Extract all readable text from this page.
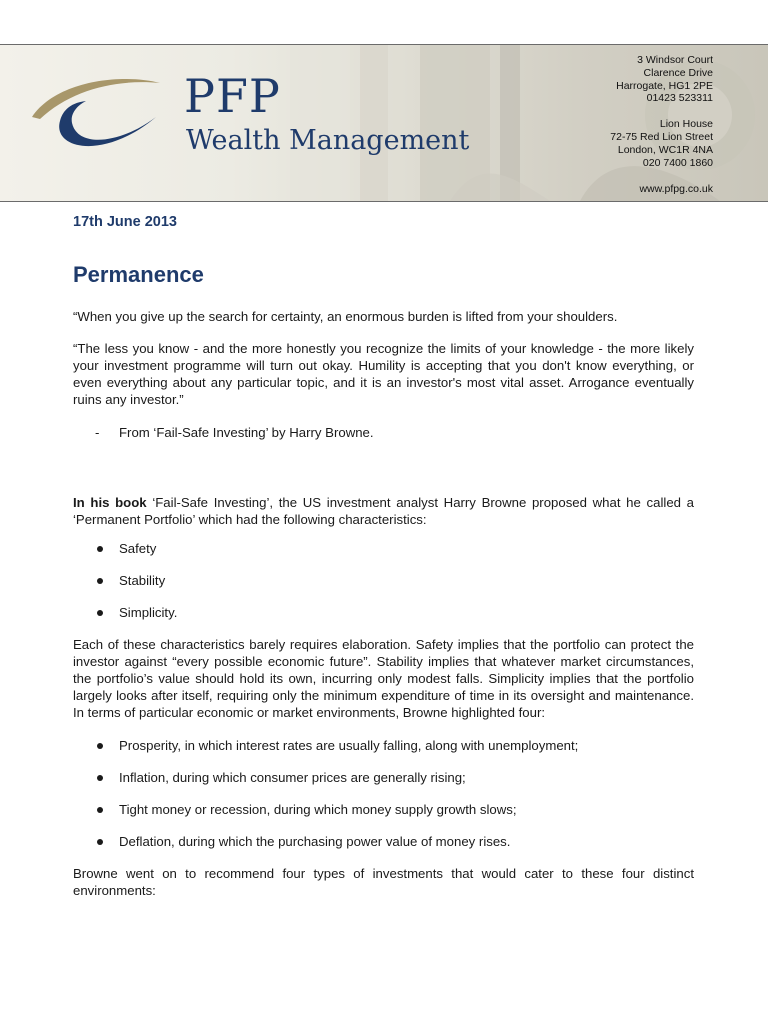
PFP
Wealth Management
3 Windsor Court
Clarence Drive
Harrogate, HG1 2PE
01423 523311
Lion House
72-75 Red Lion Street
London, WC1R 4NA
020 7400 1860
www.pfpg.co.uk
17th June 2013
Permanence

“When you give up the search for certainty, an enormous burden is lifted from your shoulders.

“The less you know - and the more honestly you recognize the limits of your knowledge - the more likely your investment programme will turn out okay. Humility is accepting that you don't know everything, or even everything about any particular topic, and it is an investor's most vital asset. Arrogance eventually ruins any investor.”

- From ‘Fail-Safe Investing’ by Harry Browne.

In his book ‘Fail-Safe Investing’, the US investment analyst Harry Browne proposed what he called a ‘Permanent Portfolio’ which had the following characteristics:

Safety
Stability
Simplicity.

Each of these characteristics barely requires elaboration. Safety implies that the portfolio can protect the investor against “every possible economic future”. Stability implies that whatever market circumstances, the portfolio’s value should hold its own, incurring only modest falls. Simplicity implies that the portfolio largely looks after itself, requiring only the minimum expenditure of time in its oversight and maintenance. In terms of particular economic or market environments, Browne highlighted four:

Prosperity, in which interest rates are usually falling, along with unemployment;
Inflation, during which consumer prices are generally rising;
Tight money or recession, during which money supply growth slows;
Deflation, during which the purchasing power value of money rises.

Browne went on to recommend four types of investments that would cater to these four distinct environments:
